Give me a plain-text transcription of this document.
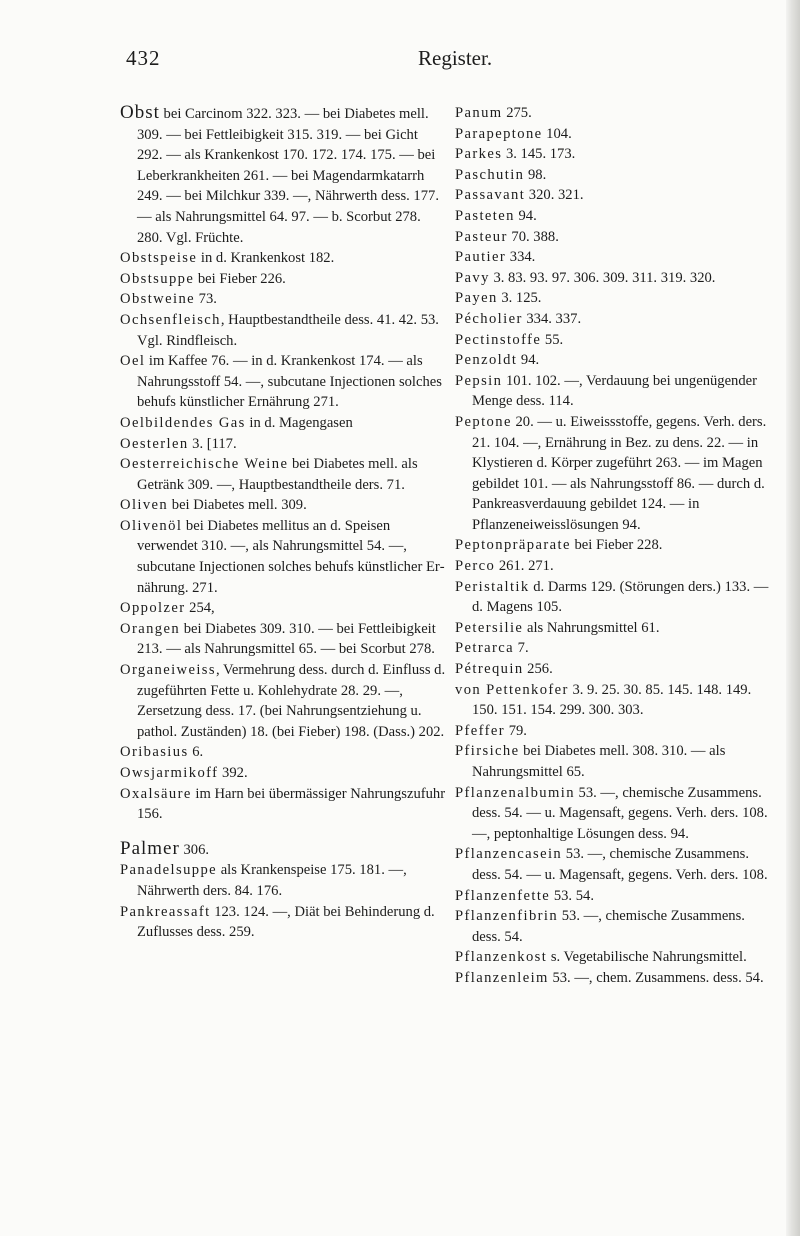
432	Register.

Obst bei Carcinom 322. 323. — bei Diabetes mell. 309. — bei Fettleibigkeit 315. 319. — bei Gicht 292. — als Krankenkost 170. 172. 174. 175. — bei Leberkrankheiten 261. — bei Magendarmkatarrh 249. — bei Milchkur 339. —, Nährwerth dess. 177. — als Nahrungsmittel 64. 97. — b. Scorbut 278. 280. Vgl. Früchte.

Obstspeise in d. Krankenkost 182.

Obstsuppe bei Fieber 226.

Obstweine 73.

Ochsenfleisch, Hauptbestandtheile dess. 41. 42. 53. Vgl. Rindfleisch.

Oel im Kaffee 76. — in d. Krankenkost 174. — als Nahrungsstoff 54. —, subcutane Injectionen solches behufs künstlicher Ernährung 271.

Oelbildendes Gas in d. Magengasen

Oesterlen 3. [117.

Oesterreichische Weine bei Diabetes mell. als Getränk 309. —, Hauptbestandtheile ders. 71.

Oliven bei Diabetes mell. 309.

Olivenöl bei Diabetes mellitus an d. Speisen verwendet 310. —, als Nahrungsmittel 54. —, subcutane Injectionen solches behufs künstlicher Ernährung. 271.

Oppolzer 254,

Orangen bei Diabetes 309. 310. — bei Fettleibigkeit 213. — als Nahrungsmittel 65. — bei Scorbut 278.

Organeiweiss, Vermehrung dess. durch d. Einfluss d. zugeführten Fette u. Kohlehydrate 28. 29. —, Zersetzung dess. 17. (bei Nahrungsentziehung u. pathol. Zuständen) 18. (bei Fieber) 198. (Dass.) 202.

Oribasius 6.

Owsjarmikoff 392.

Oxalsäure im Harn bei übermässiger Nahrungszufuhr 156.

Palmer 306.

Panadelsuppe als Krankenspeise 175. 181. —, Nährwerth ders. 84. 176.

Pankreassaft 123. 124. —, Diät bei Behinderung d. Zuflusses dess. 259.

Panum 275.

Parapeptone 104.

Parkes 3. 145. 173.

Paschutin 98.

Passavant 320. 321.

Pasteten 94.

Pasteur 70. 388.

Pautier 334.

Pavy 3. 83. 93. 97. 306. 309. 311. 319. 320.

Payen 3. 125.

Pécholier 334. 337.

Pectinstoffe 55.

Penzoldt 94.

Pepsin 101. 102. —, Verdauung bei ungenügender Menge dess. 114.

Peptone 20. — u. Eiweissstoffe, gegens. Verh. ders. 21. 104. —, Ernährung in Bez. zu dens. 22. — in Klystieren d. Körper zugeführt 263. — im Magen gebildet 101. — als Nahrungsstoff 86. — durch d. Pankreasverdauung gebildet 124. — in Pflanzeneiweisslösungen 94.

Peptonpräparate bei Fieber 228.

Perco 261. 271.

Peristaltik d. Darms 129. (Störungen ders.) 133. — d. Magens 105.

Petersilie als Nahrungsmittel 61.

Petrarca 7.

Pétrequin 256.

von Pettenkofer 3. 9. 25. 30. 85. 145. 148. 149. 150. 151. 154. 299. 300. 303.

Pfeffer 79.

Pfirsiche bei Diabetes mell. 308. 310. — als Nahrungsmittel 65.

Pflanzenalbumin 53. —, chemische Zusammens. dess. 54. — u. Magensaft, gegens. Verh. ders. 108. —, peptonhaltige Lösungen dess. 94.

Pflanzencasein 53. —, chemische Zusammens. dess. 54. — u. Magensaft, gegens. Verh. ders. 108.

Pflanzenfette 53. 54.

Pflanzenfibrin 53. —, chemische Zusammens. dess. 54.

Pflanzenkost s. Vegetabilische Nahrungsmittel.

Pflanzenleim 53. —, chem. Zusammens. dess. 54.
